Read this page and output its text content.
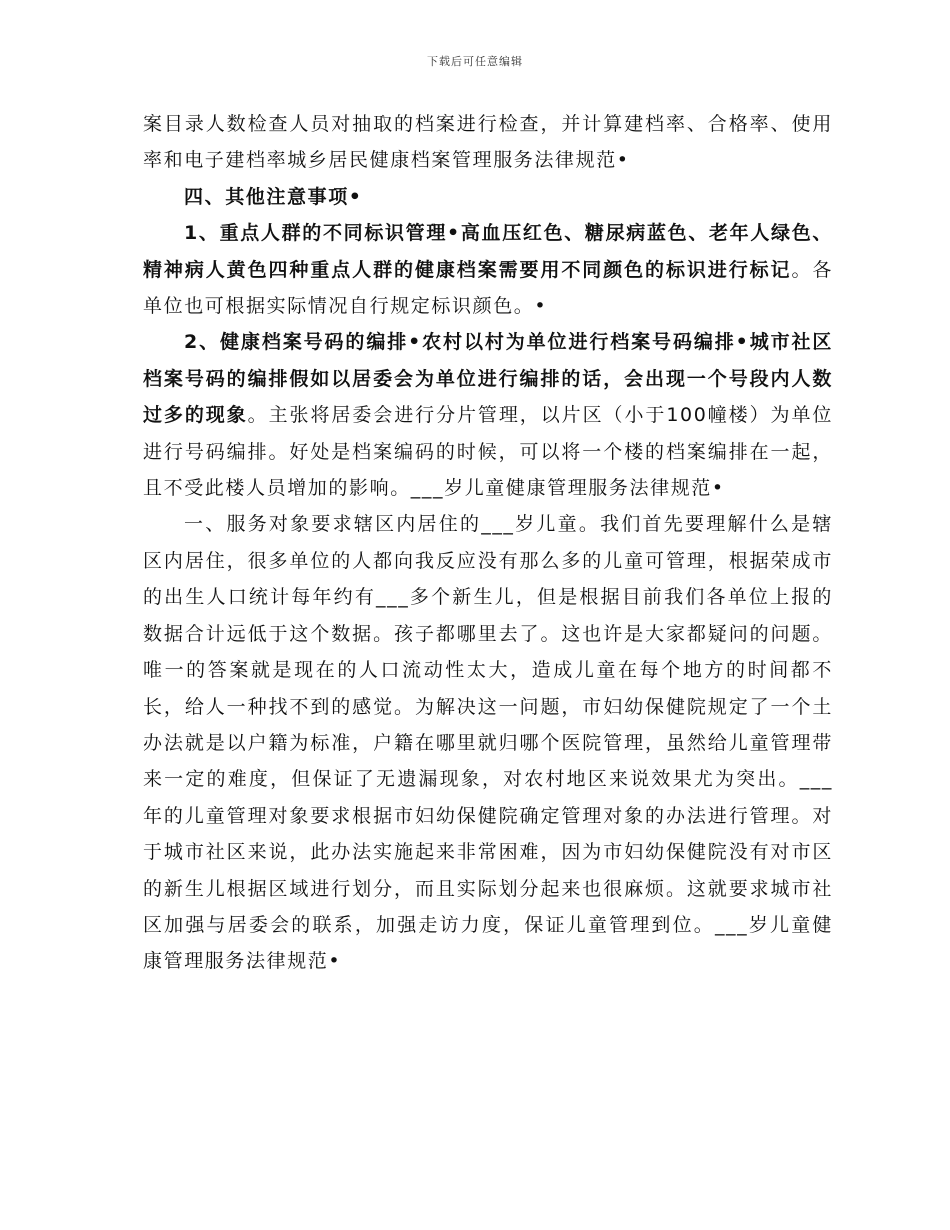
下载后可任意编辑

案目录人数检查人员对抽取的档案进行检查，并计算建档率、合格率、使用率和电子建档率城乡居民健康档案管理服务法律规范•

四、其他注意事项•

1、重点人群的不同标识管理•高血压红色、糖尿病蓝色、老年人绿色、精神病人黄色四种重点人群的健康档案需要用不同颜色的标识进行标记。各单位也可根据实际情况自行规定标识颜色。•

2、健康档案号码的编排•农村以村为单位进行档案号码编排•城市社区档案号码的编排假如以居委会为单位进行编排的话，会出现一个号段内人数过多的现象。主张将居委会进行分片管理，以片区（小于100幢楼）为单位进行号码编排。好处是档案编码的时候，可以将一个楼的档案编排在一起，且不受此楼人员增加的影响。___岁儿童健康管理服务法律规范•

一、服务对象要求辖区内居住的___岁儿童。我们首先要理解什么是辖区内居住，很多单位的人都向我反应没有那么多的儿童可管理，根据荣成市的出生人口统计每年约有___多个新生儿，但是根据目前我们各单位上报的数据合计远低于这个数据。孩子都哪里去了。这也许是大家都疑问的问题。唯一的答案就是现在的人口流动性太大，造成儿童在每个地方的时间都不长，给人一种找不到的感觉。为解决这一问题，市妇幼保健院规定了一个土办法就是以户籍为标准，户籍在哪里就归哪个医院管理，虽然给儿童管理带来一定的难度，但保证了无遗漏现象，对农村地区来说效果尤为突出。___年的儿童管理对象要求根据市妇幼保健院确定管理对象的办法进行管理。对于城市社区来说，此办法实施起来非常困难，因为市妇幼保健院没有对市区的新生儿根据区域进行划分，而且实际划分起来也很麻烦。这就要求城市社区加强与居委会的联系，加强走访力度，保证儿童管理到位。___岁儿童健康管理服务法律规范•
